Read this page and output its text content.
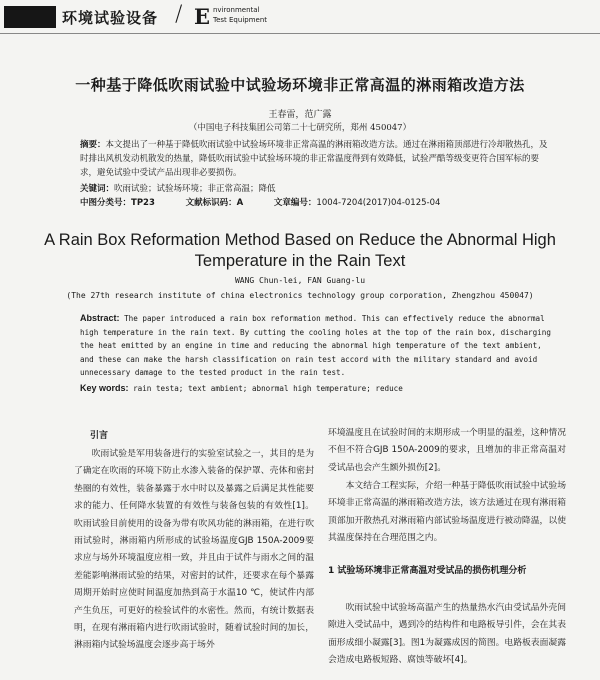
环境试验设备 / E nvironmental
Test Equipment
一种基于降低吹雨试验中试验场环境非正常高温的淋雨箱改造方法
王春雷，范广露
（中国电子科技集团公司第二十七研究所，郑州 450047）
摘要：本文提出了一种基于降低吹雨试验中试验场环境非正常高温的淋雨箱改造方法。通过在淋雨箱顶部进行冷却散热孔，及时排出风机发动机散发的热量，降低吹雨试验中试验场环境的非正常温度得到有效降低，试验严酷等级变更符合国军标的要求，避免试验中受试产品出现非必要损伤。
关键词：吹雨试验；试验场环境；非正常高温；降低
中图分类号：TP23	文献标识码：A	文章编号：1004-7204(2017)04-0125-04
A Rain Box Reformation Method Based on Reduce the Abnormal High Temperature in the Rain Text
WANG Chun-lei, FAN Guang-lu
(The 27th research institute of china electronics technology group corporation, Zhengzhou 450047)
Abstract: The paper introduced a rain box reformation method. This can effectively reduce the abnormal high temperature in the rain text. By cutting the cooling holes at the top of the rain box, discharging the heat emitted by an engine in time and reducing the abnormal high temperature of the text ambient, and these can make the harsh classification on rain test accord with the military standard and avoid unnecessary damage to the tested product in the rain test.
Key words: rain testa; text ambient; abnormal high temperature; reduce
引言
吹雨试验是军用装备进行的实验室试验之一，其目的是为了确定在吹雨的环境下防止水渗入装备的保护罩、壳体和密封垫圈的有效性，装备暴露于水中时以及暴露之后满足其性能要求的能力、任何降水装置的有效性与装备包装的有效性[1]。吹雨试验目前使用的设备为带有吹风功能的淋雨箱，在进行吹雨试验时，淋雨箱内所形成的试验场温度GJB 150A-2009要求应与场外环境温度应相一致，并且由于试件与雨水之间的温差能影响淋雨试验的结果，对密封的试件，还要求在每个暴露周期开始时应使时间温度加热到高于水温10 ℃，使试件内部产生负压，可更好的检验试件的水密性。然而，有统计数据表明，在现有淋雨箱内进行吹雨试验时，随着试验时间的加长，淋雨箱内试验场温度会逐步高于场外
环境温度且在试验时间的末期形成一个明显的温差，这种情况不但不符合GJB 150A-2009的要求，且增加的非正常高温对受试品也会产生额外损伤[2]。
本文结合工程实际，介绍一种基于降低吹雨试验中试验场环境非正常高温的淋雨箱改造方法，该方法通过在现有淋雨箱顶部加开散热孔对淋雨箱内部试验场温度进行被动降温，以使其温度保持在合理范围之内。
1 试验场环境非正常高温对受试品的损伤机理分析
吹雨试验中试验场高温产生的热量热水汽由受试品外壳间隙进入受试品中，遇到冷的结构件和电路板导引件，会在其表面形成细小凝露[3]。图1为凝露成因的简图。电路板表面凝露会造成电路板短路、腐蚀等破坏[4]。
